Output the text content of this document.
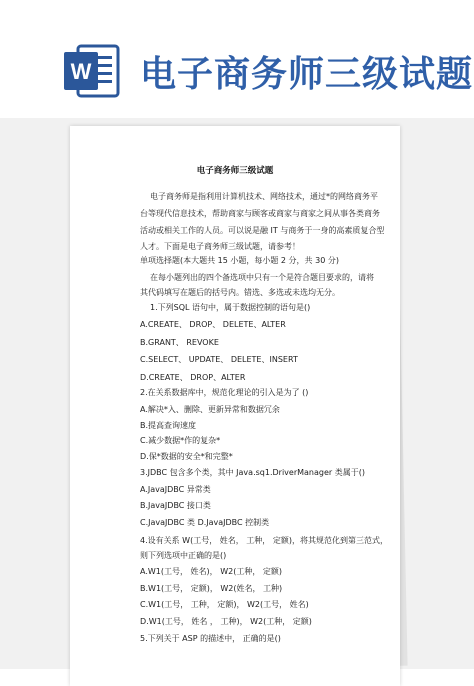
W 电子商务师三级试题
电子商务师三级试题
电子商务师是指利用计算机技术、网络技术，通过*的网络商务平
台等现代信息技术，帮助商家与顾客或商家与商家之间从事各类商务
活动或相关工作的人员。可以说是融 IT 与商务于一身的高素质复合型
人才。下面是电子商务师三级试题，请参考！
单项选择题(本大题共 15 小题，每小题 2 分，共 30 分)
在每小题列出的四个备选项中只有一个是符合题目要求的，请将
其代码填写在题后的括号内。错选、多选或未选均无分。
1.下列SQL 语句中，属于数据控制的语句是()
A.CREATE、 DROP、 DELETE、ALTER
B.GRANT、 REVOKE
C.SELECT、 UPDATE、 DELETE、INSERT
D.CREATE、 DROP、ALTER
2.在关系数据库中，规范化理论的引入是为了 ()
A.解决*入、删除、更新异常和数据冗余
B.提高查询速度
C.减少数据*作的复杂*
D.保*数据的安全*和完整*
3.JDBC 包含多个类，其中 Java.sq1.DriverManager 类属于()
A.JavaJDBC 异常类
B.JavaJDBC 接口类
C.JavaJDBC 类 D.JavaJDBC 控制类
4.设有关系 W(工号， 姓名， 工种， 定额)，将其规范化到第三范式，
则下列选项中正确的是()
A.W1(工号， 姓名)， W2(工种， 定额)
B.W1(工号， 定额)， W2(姓名， 工种)
C.W1(工号， 工种， 定额)， W2(工号， 姓名)
D.W1(工号， 姓名 ， 工种)， W2(工种， 定额)
5.下列关于 ASP 的描述中， 正确的是()
